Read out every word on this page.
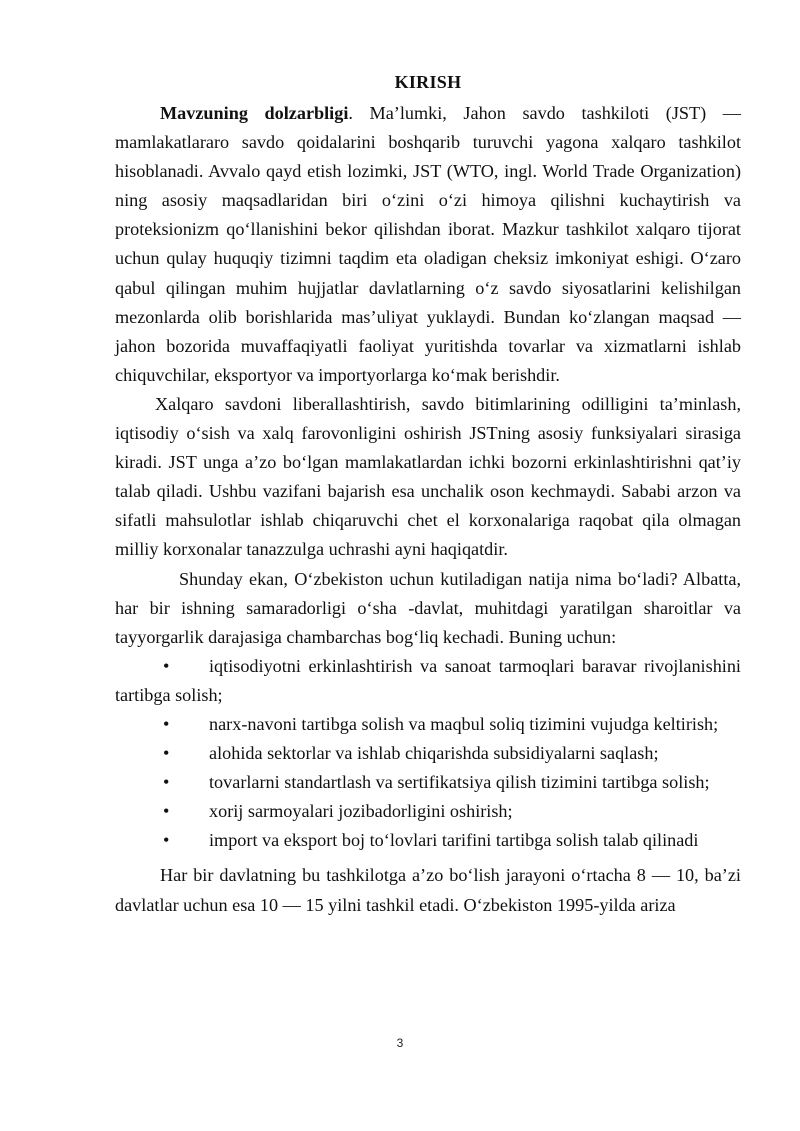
KIRISH

Mavzuning dolzarbligi. Ma’lumki, Jahon savdo tashkiloti (JST) — mamlakatlararo savdo qoidalarini boshqarib turuvchi yagona xalqaro tashkilot hisoblanadi. Avvalo qayd etish lozimki, JST (WTO, ingl. World Trade Organization) ning asosiy maqsadlaridan biri o‘zini o‘zi himoya qilishni kuchaytirish va proteksionizm qo‘llanishini bekor qilishdan iborat. Mazkur tashkilot xalqaro tijorat uchun qulay huquqiy tizimni taqdim eta oladigan cheksiz imkoniyat eshigi. O‘zaro qabul qilingan muhim hujjatlar davlatlarning o‘z savdo siyosatlarini kelishilgan mezonlarda olib borishlarida mas’uliyat yuklaydi. Bundan ko‘zlangan maqsad — jahon bozorida muvaffaqiyatli faoliyat yuritishda tovarlar va xizmatlarni ishlab chiquvchilar, eksportyor va importyorlarga ko‘mak berishdir.

Xalqaro savdoni liberallashtirish, savdo bitimlarining odilligini ta’minlash, iqtisodiy o‘sish va xalq farovonligini oshirish JSTning asosiy funksiyalari sirasiga kiradi. JST unga a’zo bo‘lgan mamlakatlardan ichki bozorni erkinlashtirishni qat’iy talab qiladi. Ushbu vazifani bajarish esa unchalik oson kechmaydi. Sababi arzon va sifatli mahsulotlar ishlab chiqaruvchi chet el korxonalariga raqobat qila olmagan milliy korxonalar tanazzulga uchrashi ayni haqiqatdir.

Shunday ekan, O‘zbekiston uchun kutiladigan natija nima bo‘ladi? Albatta, har bir ishning samaradorligi o‘sha -davlat, muhitdagi yaratilgan sharoitlar va tayyorgarlik darajasiga chambarchas bog‘liq kechadi. Buning uchun:

• iqtisodiyotni erkinlashtirish va sanoat tarmoqlari baravar rivojlanishini tartibga solish;
• narx-navoni tartibga solish va maqbul soliq tizimini vujudga keltirish;
• alohida sektorlar va ishlab chiqarishda subsidiyalarni saqlash;
• tovarlarni standartlash va sertifikatsiya qilish tizimini tartibga solish;
• xorij sarmoyalari jozibadorligini oshirish;
• import va eksport boj to‘lovlari tarifini tartibga solish talab qilinadi

Har bir davlatning bu tashkilotga a’zo bo‘lish jarayoni o‘rtacha 8 — 10, ba’zi davlatlar uchun esa 10 — 15 yilni tashkil etadi. O‘zbekiston 1995-yilda ariza

3
